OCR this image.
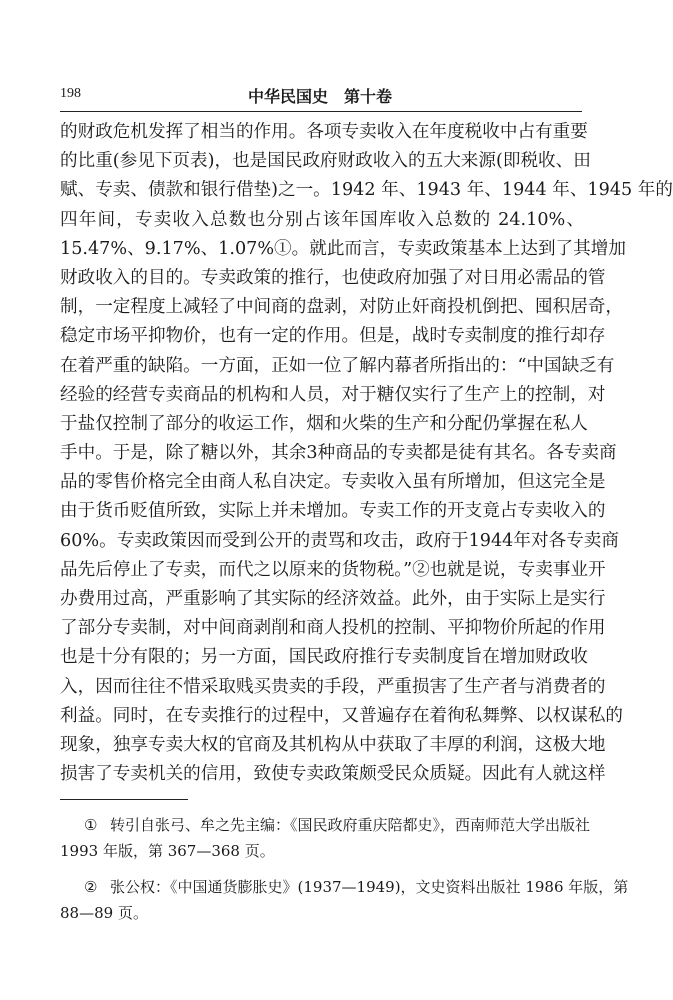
198	中华民国史　第十卷
的财政危机发挥了相当的作用。各项专卖收入在年度税收中占有重要
的比重(参见下页表)，也是国民政府财政收入的五大来源(即税收、田
赋、专卖、债款和银行借垫)之一。1942 年、1943 年、1944 年、1945 年的
四年间，专卖收入总数也分别占该年国库收入总数的 24.10%、
15.47%、9.17%、1.07%①。就此而言，专卖政策基本上达到了其增加
财政收入的目的。专卖政策的推行，也使政府加强了对日用必需品的管
制，一定程度上减轻了中间商的盘剥，对防止奸商投机倒把、囤积居奇，
稳定市场平抑物价，也有一定的作用。但是，战时专卖制度的推行却存
在着严重的缺陷。一方面，正如一位了解内幕者所指出的：“中国缺乏有
经验的经营专卖商品的机构和人员，对于糖仅实行了生产上的控制，对
于盐仅控制了部分的收运工作，烟和火柴的生产和分配仍掌握在私人
手中。于是，除了糖以外，其余3种商品的专卖都是徒有其名。各专卖商
品的零售价格完全由商人私自决定。专卖收入虽有所增加，但这完全是
由于货币贬值所致，实际上并未增加。专卖工作的开支竟占专卖收入的
60%。专卖政策因而受到公开的责骂和攻击，政府于1944年对各专卖商
品先后停止了专卖，而代之以原来的货物税。”②也就是说，专卖事业开
办费用过高，严重影响了其实际的经济效益。此外，由于实际上是实行
了部分专卖制，对中间商剥削和商人投机的控制、平抑物价所起的作用
也是十分有限的；另一方面，国民政府推行专卖制度旨在增加财政收
入，因而往往不惜采取贱买贵卖的手段，严重损害了生产者与消费者的
利益。同时，在专卖推行的过程中，又普遍存在着徇私舞弊、以权谋私的
现象，独享专卖大权的官商及其机构从中获取了丰厚的利润，这极大地
损害了专卖机关的信用，致使专卖政策颇受民众质疑。因此有人就这样
① 转引自张弓、牟之先主编：《国民政府重庆陪都史》，西南师范大学出版社
1993 年版，第 367—368 页。
② 张公权：《中国通货膨胀史》(1937—1949)，文史资料出版社 1986 年版，第
88—89 页。
